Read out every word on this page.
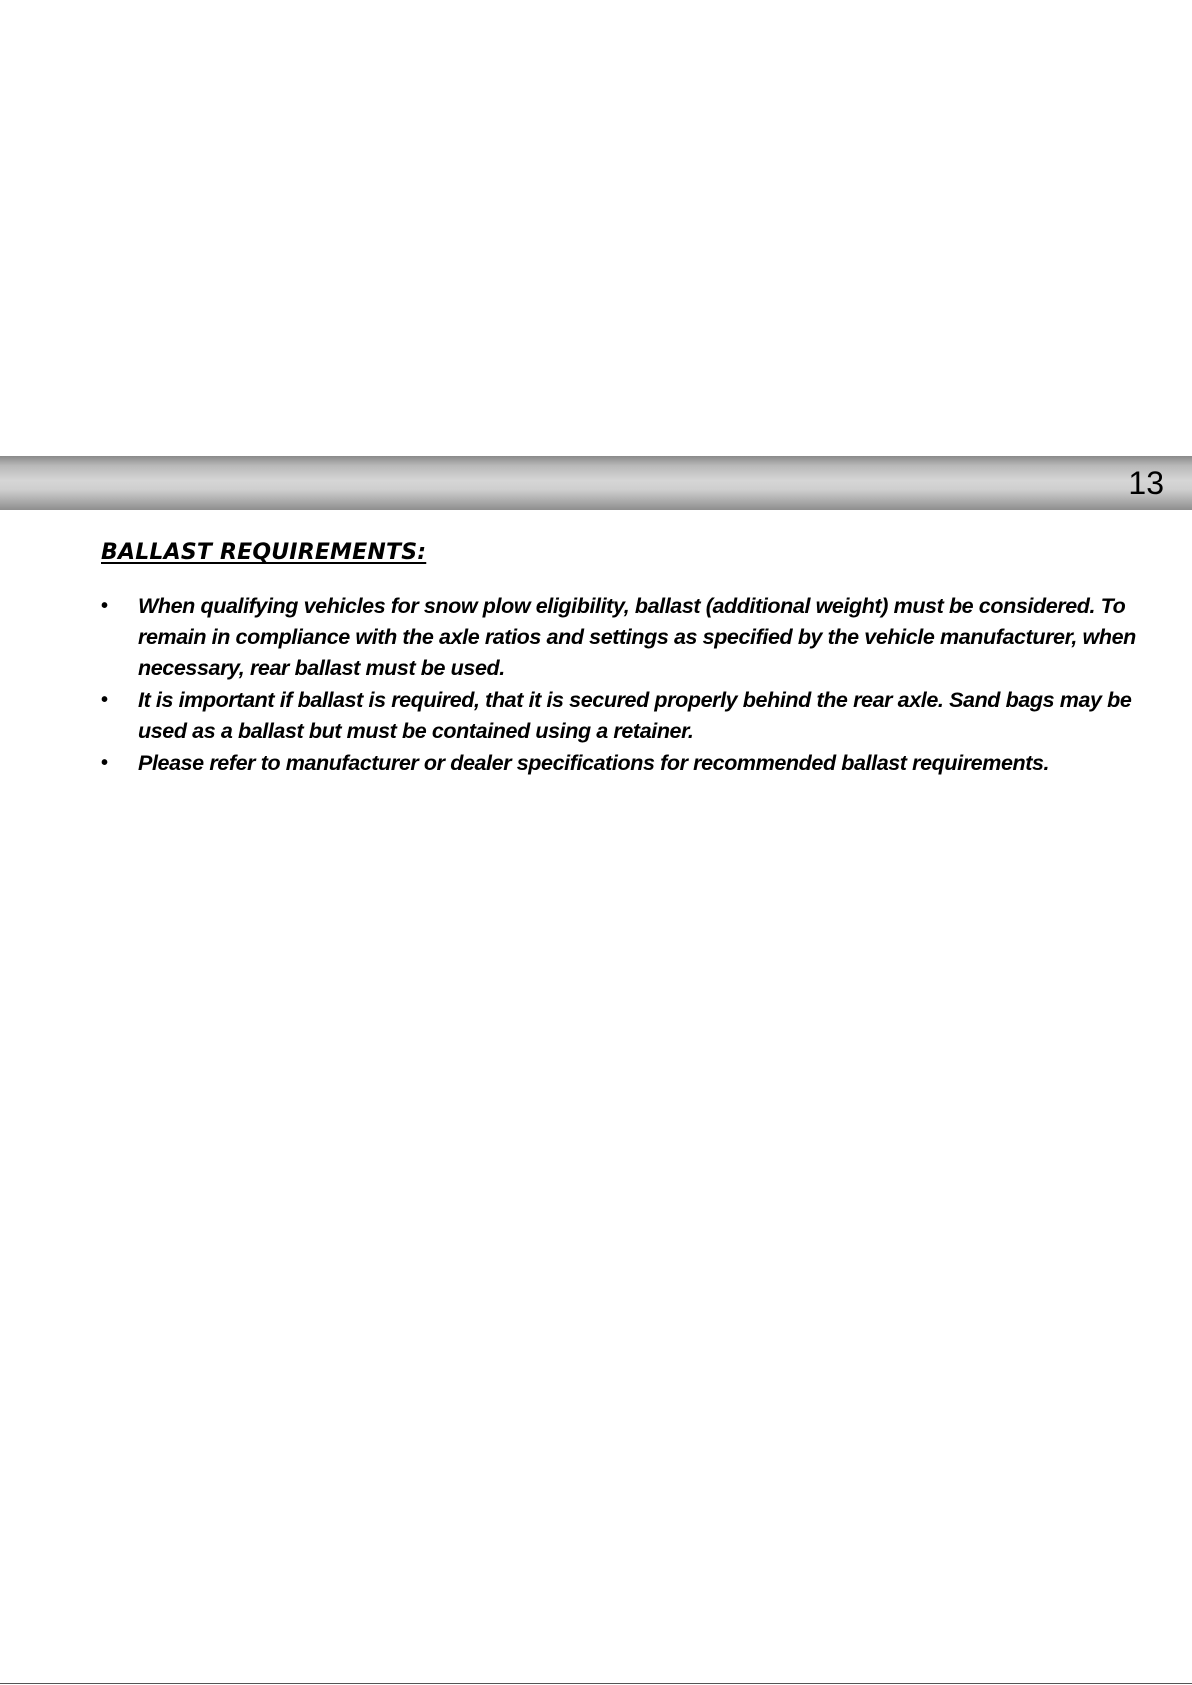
13
BALLAST REQUIREMENTS:
• When qualifying vehicles for snow plow eligibility, ballast (additional weight) must be considered. To remain in compliance with the axle ratios and settings as specified by the vehicle manufacturer, when necessary, rear ballast must be used.
• It is important if ballast is required, that it is secured properly behind the rear axle. Sand bags may be used as a ballast but must be contained using a retainer.
• Please refer to manufacturer or dealer specifications for recommended ballast requirements.
